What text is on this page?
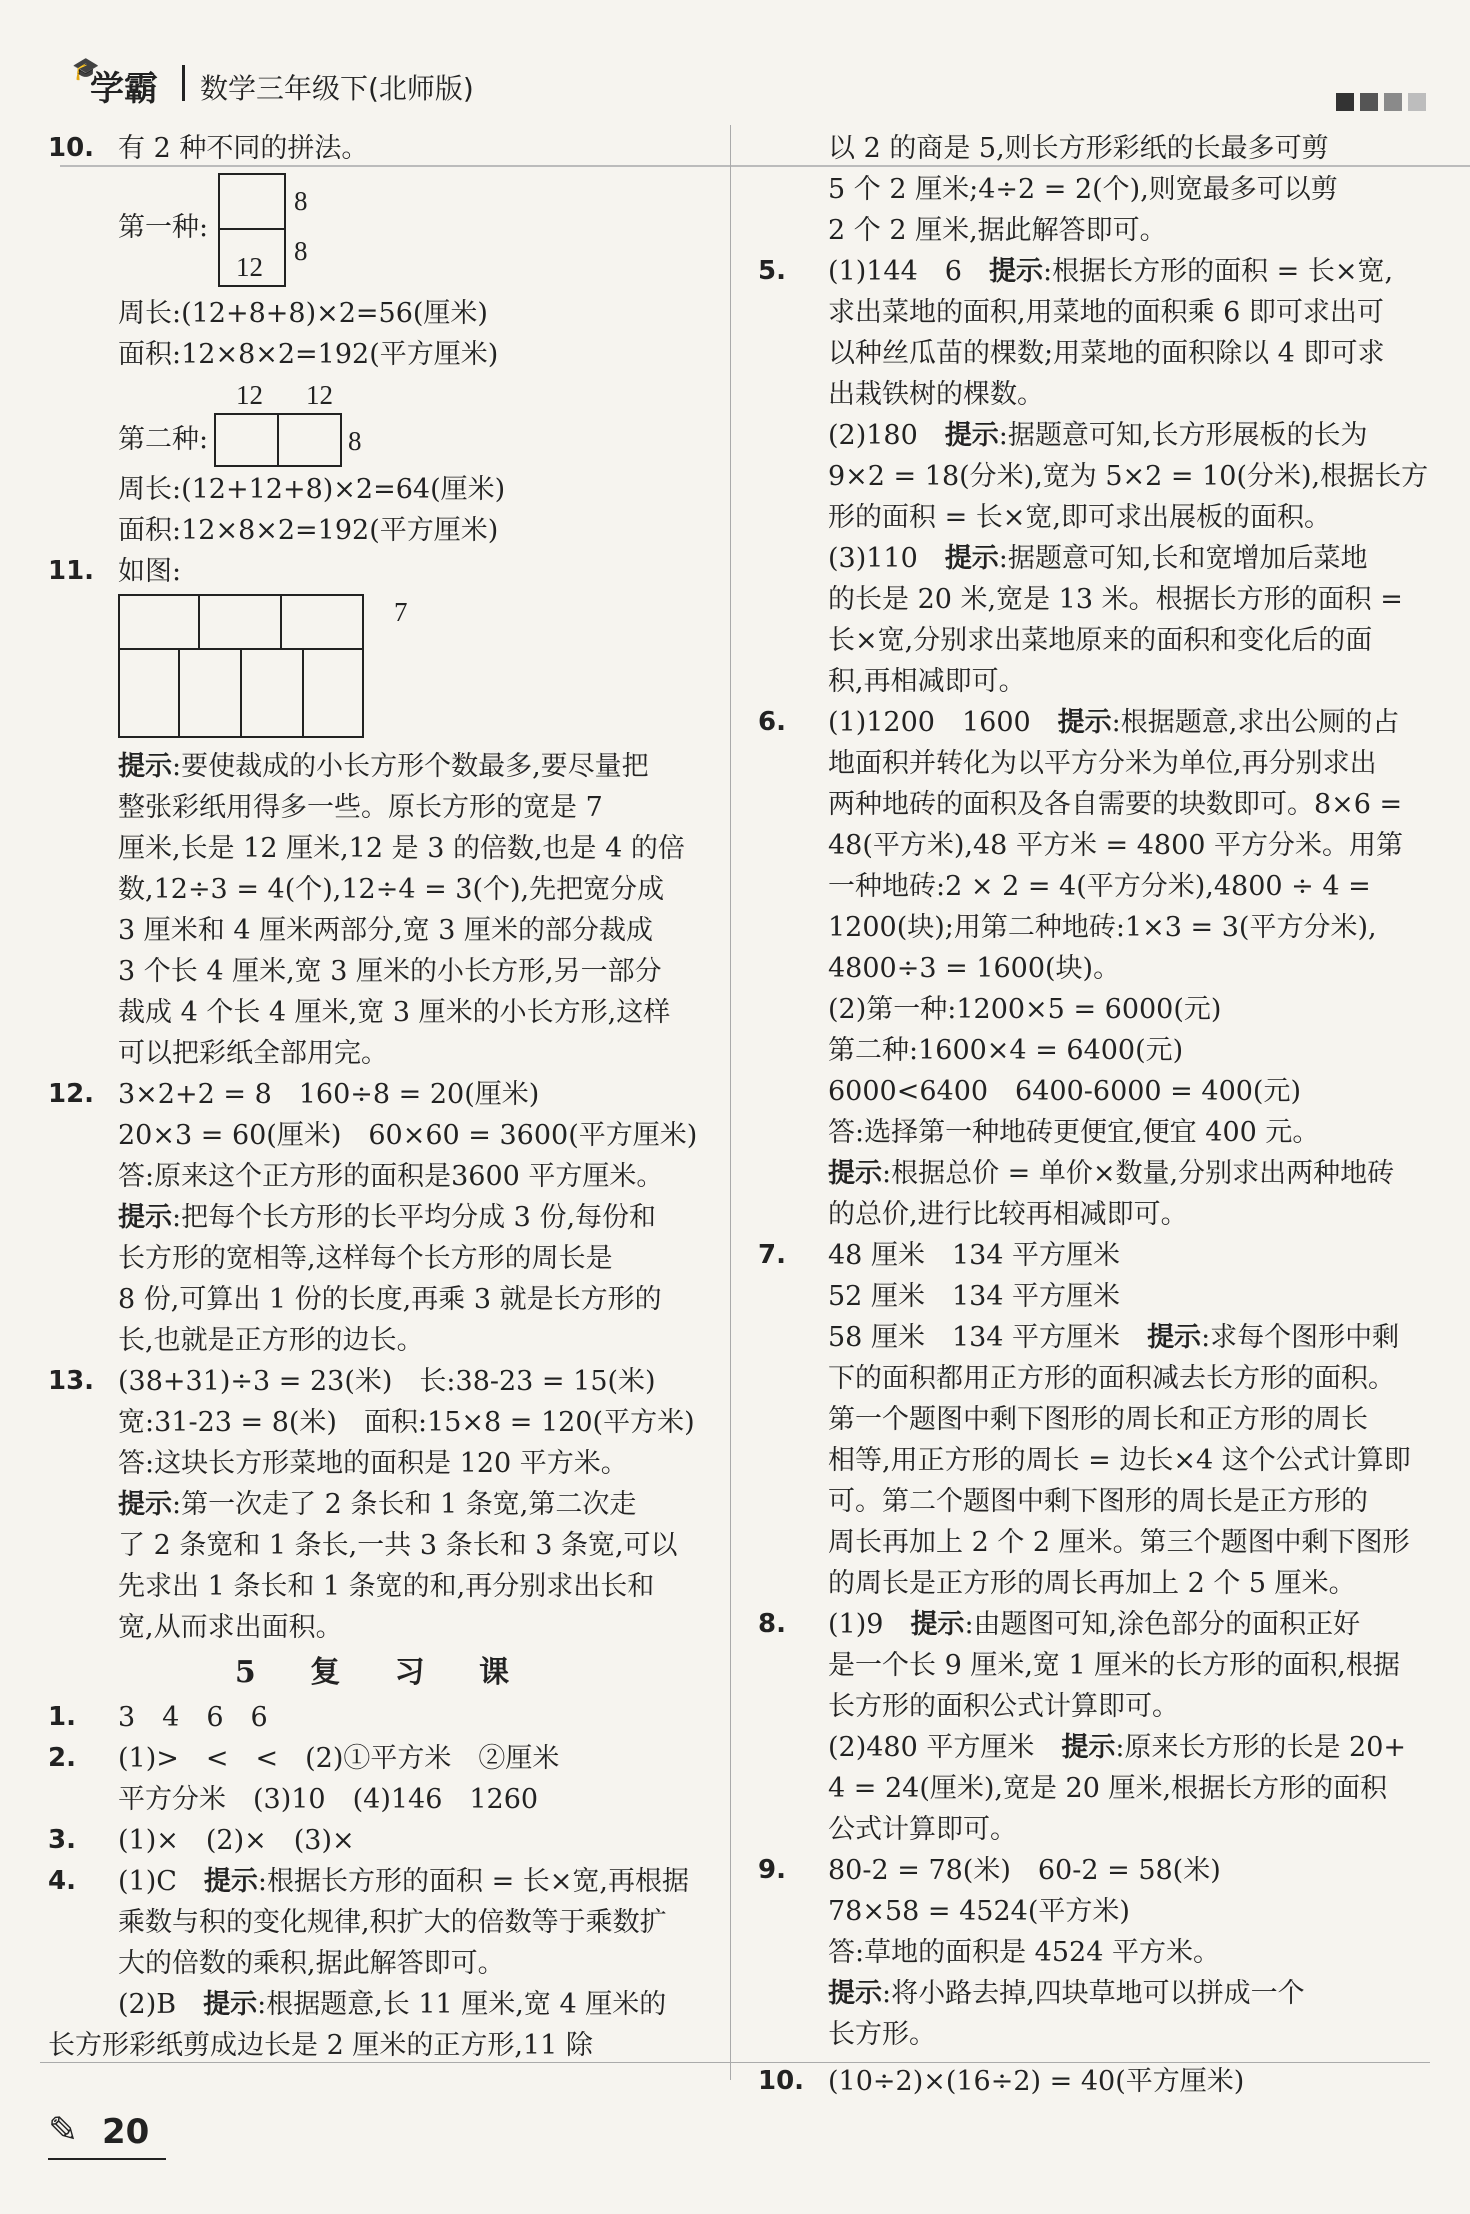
🎓
学霸 数学三年级下(北师版)
10. 有 2 种不同的拼法。
第一种:
8
8
12
周长:(12+8+8)×2=56(厘米)
面积:12×8×2=192(平方厘米)
12 12
第二种:	8
周长:(12+12+8)×2=64(厘米)
面积:12×8×2=192(平方厘米)
11. 如图:
7
提示:要使裁成的小长方形个数最多,要尽量把
整张彩纸用得多一些。原长方形的宽是 7
厘米,长是 12 厘米,12 是 3 的倍数,也是 4 的倍
数,12÷3 = 4(个),12÷4 = 3(个),先把宽分成
3 厘米和 4 厘米两部分,宽 3 厘米的部分裁成
3 个长 4 厘米,宽 3 厘米的小长方形,另一部分
裁成 4 个长 4 厘米,宽 3 厘米的小长方形,这样
可以把彩纸全部用完。
12. 3×2+2 = 8　160÷8 = 20(厘米)
20×3 = 60(厘米)　60×60 = 3600(平方厘米)
答:原来这个正方形的面积是3600 平方厘米。
提示:把每个长方形的长平均分成 3 份,每份和
长方形的宽相等,这样每个长方形的周长是
8 份,可算出 1 份的长度,再乘 3 就是长方形的
长,也就是正方形的边长。
13. (38+31)÷3 = 23(米)　长:38-23 = 15(米)
宽:31-23 = 8(米)　面积:15×8 = 120(平方米)
答:这块长方形菜地的面积是 120 平方米。
提示:第一次走了 2 条长和 1 条宽,第二次走
了 2 条宽和 1 条长,一共 3 条长和 3 条宽,可以
先求出 1 条长和 1 条宽的和,再分别求出长和
宽,从而求出面积。
5 复 习 课
1. 3　4　6　6
2. (1)>　<　<　(2)①平方米　②厘米
平方分米　(3)10　(4)146　1260
3. (1)×　(2)×　(3)×
4. (1)C　提示:根据长方形的面积 = 长×宽,再根据
乘数与积的变化规律,积扩大的倍数等于乘数扩
大的倍数的乘积,据此解答即可。
(2)B　提示:根据题意,长 11 厘米,宽 4 厘米的
长方形彩纸剪成边长是 2 厘米的正方形,11 除
以 2 的商是 5,则长方形彩纸的长最多可剪
5 个 2 厘米;4÷2 = 2(个),则宽最多可以剪
2 个 2 厘米,据此解答即可。
5. (1)144　6　提示:根据长方形的面积 = 长×宽,
求出菜地的面积,用菜地的面积乘 6 即可求出可
以种丝瓜苗的棵数;用菜地的面积除以 4 即可求
出栽铁树的棵数。
(2)180　提示:据题意可知,长方形展板的长为
9×2 = 18(分米),宽为 5×2 = 10(分米),根据长方
形的面积 = 长×宽,即可求出展板的面积。
(3)110　提示:据题意可知,长和宽增加后菜地
的长是 20 米,宽是 13 米。根据长方形的面积 =
长×宽,分别求出菜地原来的面积和变化后的面
积,再相减即可。
6. (1)1200　1600　提示:根据题意,求出公厕的占
地面积并转化为以平方分米为单位,再分别求出
两种地砖的面积及各自需要的块数即可。8×6 =
48(平方米),48 平方米 = 4800 平方分米。用第
一种地砖:2 × 2 = 4(平方分米),4800 ÷ 4 =
1200(块);用第二种地砖:1×3 = 3(平方分米),
4800÷3 = 1600(块)。
(2)第一种:1200×5 = 6000(元)
第二种:1600×4 = 6400(元)
6000<6400　6400-6000 = 400(元)
答:选择第一种地砖更便宜,便宜 400 元。
提示:根据总价 = 单价×数量,分别求出两种地砖
的总价,进行比较再相减即可。
7. 48 厘米　134 平方厘米
52 厘米　134 平方厘米
58 厘米　134 平方厘米　提示:求每个图形中剩
下的面积都用正方形的面积减去长方形的面积。
第一个题图中剩下图形的周长和正方形的周长
相等,用正方形的周长 = 边长×4 这个公式计算即
可。第二个题图中剩下图形的周长是正方形的
周长再加上 2 个 2 厘米。第三个题图中剩下图形
的周长是正方形的周长再加上 2 个 5 厘米。
8. (1)9　提示:由题图可知,涂色部分的面积正好
是一个长 9 厘米,宽 1 厘米的长方形的面积,根据
长方形的面积公式计算即可。
(2)480 平方厘米　提示:原来长方形的长是 20+
4 = 24(厘米),宽是 20 厘米,根据长方形的面积
公式计算即可。
9. 80-2 = 78(米)　60-2 = 58(米)
78×58 = 4524(平方米)
答:草地的面积是 4524 平方米。
提示:将小路去掉,四块草地可以拼成一个
长方形。
10. (10÷2)×(16÷2) = 40(平方厘米)
✎ 20
